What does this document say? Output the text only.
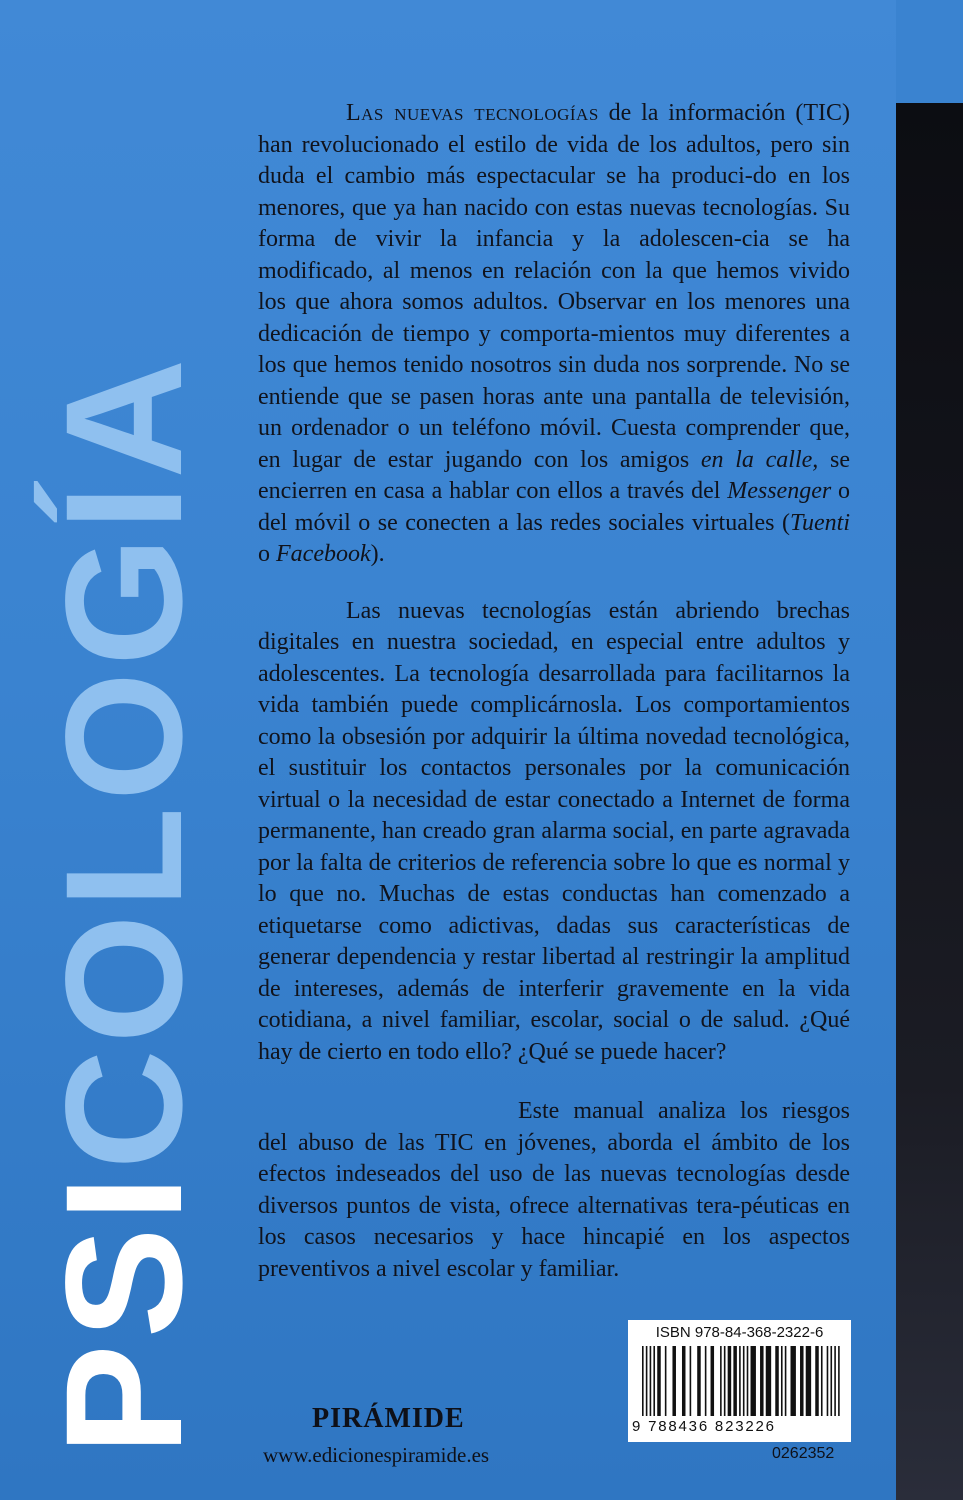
PSICOLOGÍA

Las nuevas tecnologías de la información (TIC) han revolucionado el estilo de vida de los adultos, pero sin duda el cambio más espectacular se ha produci-​do en los menores, que ya han nacido con estas nuevas tecnologías. Su forma de vivir la infancia y la adolescen-​cia se ha modificado, al menos en relación con la que hemos vivido los que ahora somos adultos. Observar en los menores una dedicación de tiempo y comporta-​mientos muy diferentes a los que hemos tenido nosotros sin duda nos sorprende. No se entiende que se pasen horas ante una pantalla de televisión, un ordenador o un teléfono móvil. Cuesta comprender que, en lugar de estar jugando con los amigos en la calle, se encierren en casa a hablar con ellos a través del Messenger o del móvil o se conecten a las redes sociales virtuales (Tuenti o Facebook).

Las nuevas tecnologías están abriendo brechas digitales en nuestra sociedad, en especial entre adultos y adolescentes. La tecnología desarrollada para facilitarnos la vida también puede complicárnosla. Los comportamientos como la obsesión por adquirir la última novedad tecnológica, el sustituir los contactos personales por la comunicación virtual o la necesidad de estar conectado a Internet de forma permanente, han creado gran alarma social, en parte agravada por la falta de criterios de referencia sobre lo que es normal y lo que no. Muchas de estas conductas han comenzado a etiquetarse como adictivas, dadas sus características de generar dependencia y restar libertad al restringir la amplitud de intereses, además de interferir gravemente en la vida cotidiana, a nivel familiar, escolar, social o de salud. ¿Qué hay de cierto en todo ello? ¿Qué se puede hacer?

Este manual analiza los riesgos del abuso de las TIC en jóvenes, aborda el ámbito de los efectos indeseados del uso de las nuevas tecnologías desde diversos puntos de vista, ofrece alternativas tera-​péuticas en los casos necesarios y hace hincapié en los aspectos preventivos a nivel escolar y familiar.

ISBN 978-84-368-2322-6
9 788436 823226
PIRÁMIDE
www.edicionespiramide.es	0262352
